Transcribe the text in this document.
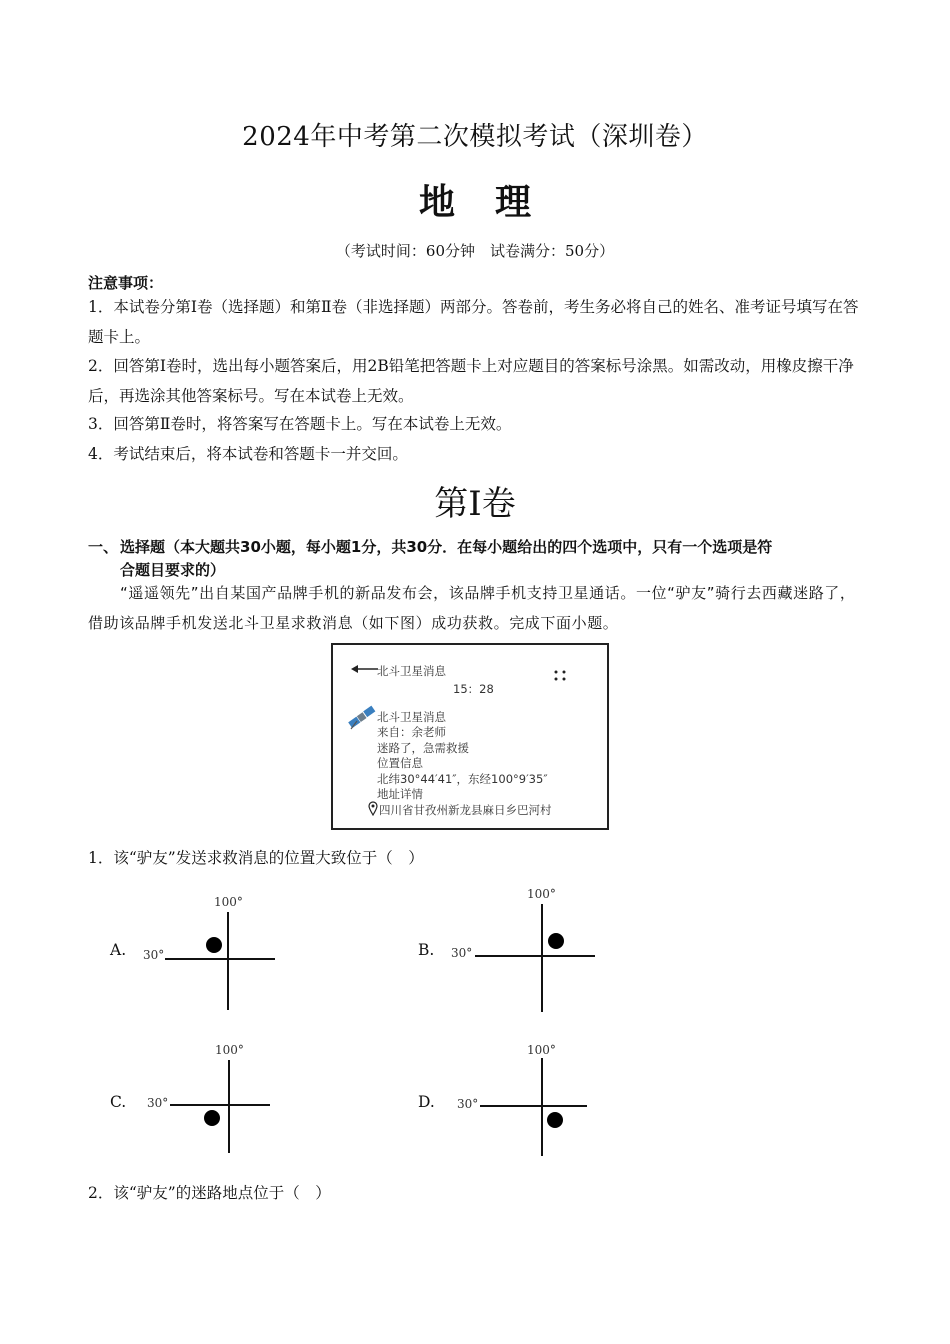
2024年中考第二次模拟考试（深圳卷）
地理
（考试时间：60分钟　试卷满分：50分）
注意事项：
1．本试卷分第Ⅰ卷（选择题）和第Ⅱ卷（非选择题）两部分。答卷前，考生务必将自己的姓名、准考证号填写在答题卡上。
2．回答第Ⅰ卷时，选出每小题答案后，用2B铅笔把答题卡上对应题目的答案标号涂黑。如需改动，用橡皮擦干净后，再选涂其他答案标号。写在本试卷上无效。
3．回答第Ⅱ卷时，将答案写在答题卡上。写在本试卷上无效。
4．考试结束后，将本试卷和答题卡一并交回。
第Ⅰ卷
一、 选择题（本大题共30小题，每小题1分，共30分．在每小题给出的四个选项中，只有一个选项是符
合题目要求的）
“遥遥领先”出自某国产品牌手机的新品发布会，该品牌手机支持卫星通话。一位“驴友”骑行去西藏迷路了，借助该品牌手机发送北斗卫星求救消息（如下图）成功获救。完成下面小题。
北斗卫星消息
15：28
北斗卫星消息
来自：余老师
迷路了，急需救援
位置信息
北纬30°44′41″，东经100°9′35″
地址详情
四川省甘孜州新龙县麻日乡巴河村
1．该“驴友”发送求救消息的位置大致位于（　）
A.
100°
30°	B.
100°
30°
C.
100°
30°	D.
100°
30°
2．该“驴友”的迷路地点位于（　）
